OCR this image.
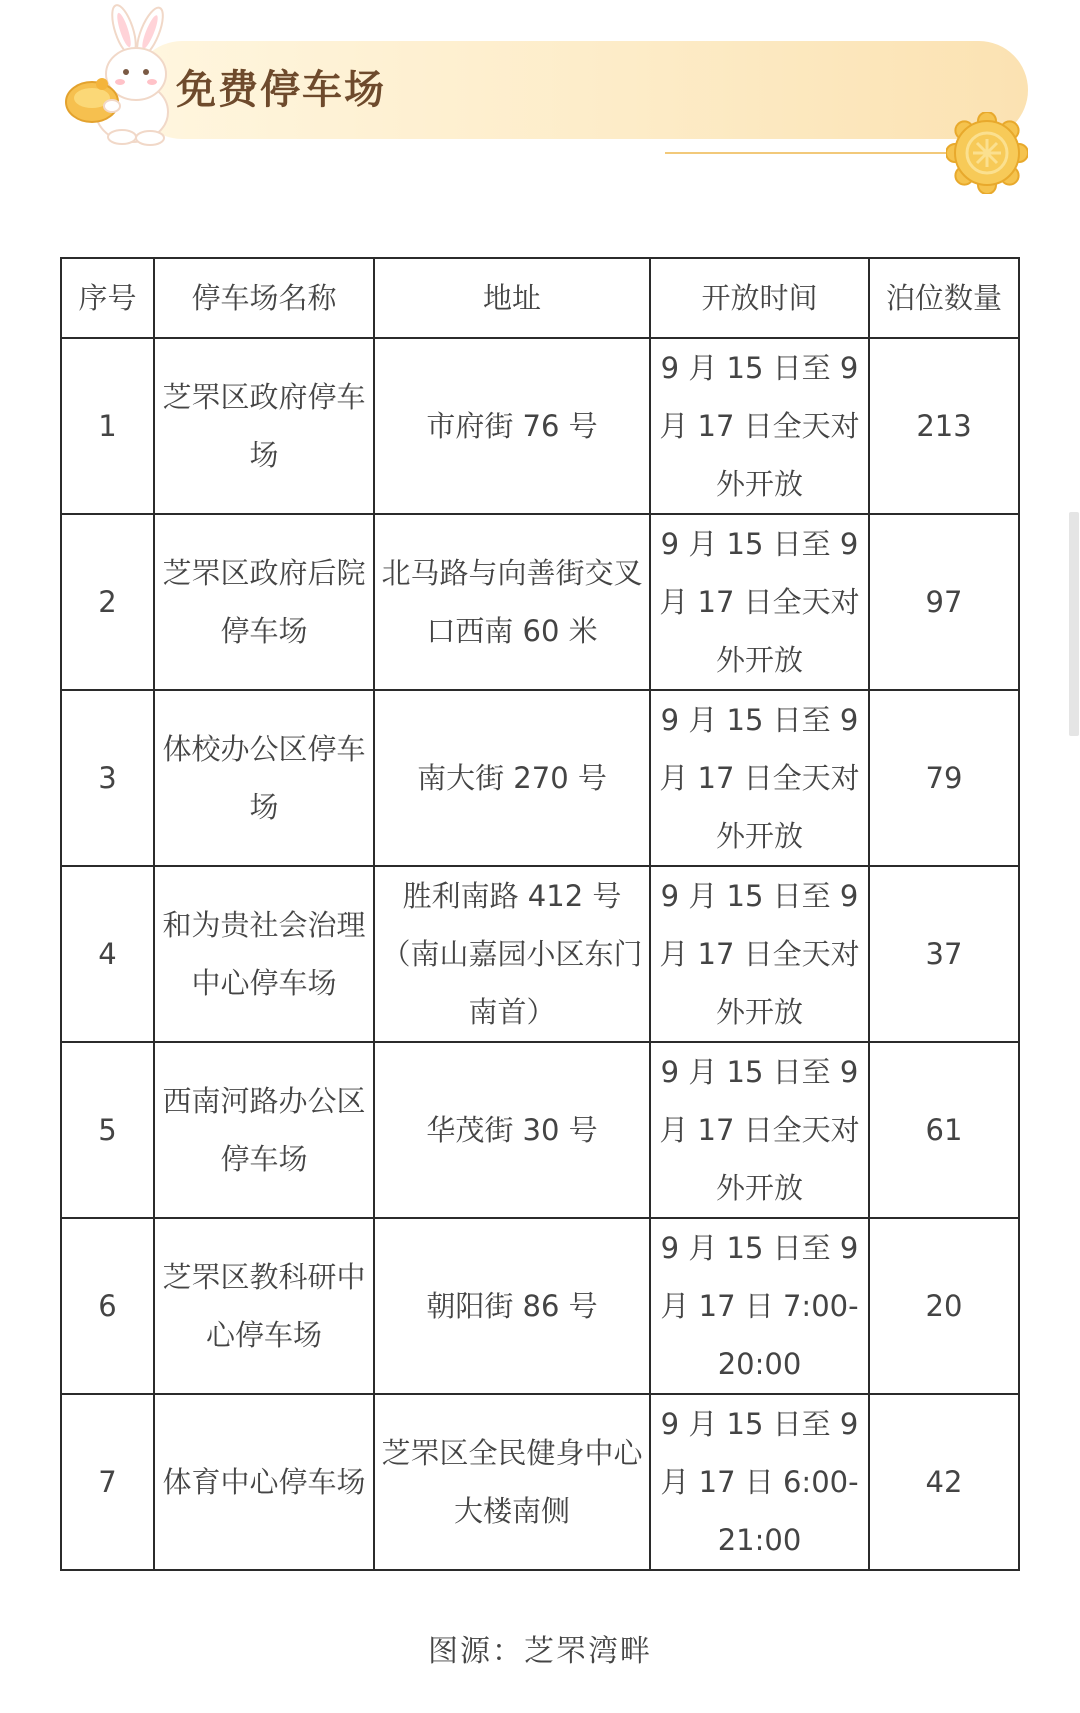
免费停车场
序号	停车场名称	地址	开放时间	泊位数量
1	芝罘区政府停车场	市府街 76 号	9 月 15 日至 9 月 17 日全天对外开放	213
2	芝罘区政府后院停车场	北马路与向善街交叉口西南 60 米	9 月 15 日至 9 月 17 日全天对外开放	97
3	体校办公区停车场	南大街 270 号	9 月 15 日至 9 月 17 日全天对外开放	79
4	和为贵社会治理中心停车场	胜利南路 412 号（南山嘉园小区东门南首）	9 月 15 日至 9 月 17 日全天对外开放	37
5	西南河路办公区停车场	华茂街 30 号	9 月 15 日至 9 月 17 日全天对外开放	61
6	芝罘区教科研中心停车场	朝阳街 86 号	9 月 15 日至 9 月 17 日 7:00-20:00	20
7	体育中心停车场	芝罘区全民健身中心大楼南侧	9 月 15 日至 9 月 17 日 6:00-21:00	42
图源：芝罘湾畔
